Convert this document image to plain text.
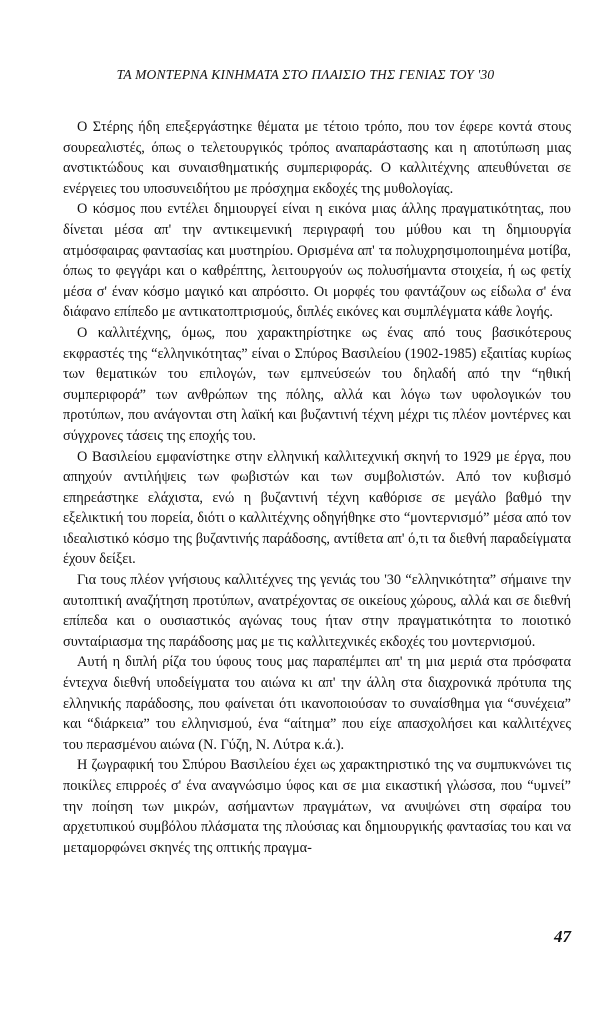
ΤΑ ΜΟΝΤΕΡΝΑ ΚΙΝΗΜΑΤΑ ΣΤΟ ΠΛΑΙΣΙΟ ΤΗΣ ΓΕΝΙΑΣ ΤΟΥ '30

Ο Στέρης ήδη επεξεργάστηκε θέματα με τέτοιο τρόπο, που τον έφερε κοντά στους σουρεαλιστές, όπως ο τελετουργικός τρόπος αναπαράστασης και η αποτύπωση μιας ανστικτώδους και συναισθηματικής συμπεριφοράς. Ο καλλιτέχνης απευθύνεται σε ενέργειες του υποσυνειδήτου με πρόσχημα εκδοχές της μυθολογίας.

Ο κόσμος που εντέλει δημιουργεί είναι η εικόνα μιας άλλης πραγματικότητας, που δίνεται μέσα απ' την αντικειμενική περιγραφή του μύθου και τη δημιουργία ατμόσφαιρας φαντασίας και μυστηρίου. Ορισμένα απ' τα πολυχρησιμοποιημένα μοτίβα, όπως το φεγγάρι και ο καθρέπτης, λειτουργούν ως πολυσήμαντα στοιχεία, ή ως φετίχ μέσα σ' έναν κόσμο μαγικό και απρόσιτο. Οι μορφές του φαντάζουν ως είδωλα σ' ένα διάφανο επίπεδο με αντικατοπτρισμούς, διπλές εικόνες και συμπλέγματα κάθε λογής.

Ο καλλιτέχνης, όμως, που χαρακτηρίστηκε ως ένας από τους βασικότερους εκφραστές της “ελληνικότητας” είναι ο Σπύρος Βασιλείου (1902-1985) εξαιτίας κυρίως των θεματικών του επιλογών, των εμπνεύσεών του δηλαδή από την “ηθική συμπεριφορά” των ανθρώπων της πόλης, αλλά και λόγω των υφολογικών του προτύπων, που ανάγονται στη λαϊκή και βυζαντινή τέχνη μέχρι τις πλέον μοντέρνες και σύγχρονες τάσεις της εποχής του.

Ο Βασιλείου εμφανίστηκε στην ελληνική καλλιτεχνική σκηνή το 1929 με έργα, που απηχούν αντιλήψεις των φωβιστών και των συμβολιστών. Από τον κυβισμό επηρεάστηκε ελάχιστα, ενώ η βυζαντινή τέχνη καθόρισε σε μεγάλο βαθμό την εξελικτική του πορεία, διότι ο καλλιτέχνης οδηγήθηκε στο “μοντερνισμό” μέσα από τον ιδεαλιστικό κόσμο της βυζαντινής παράδοσης, αντίθετα απ' ό,τι τα διεθνή παραδείγματα έχουν δείξει.

Για τους πλέον γνήσιους καλλιτέχνες της γενιάς του '30 “ελληνικότητα” σήμαινε την αυτοπτική αναζήτηση προτύπων, ανατρέχοντας σε οικείους χώρους, αλλά και σε διεθνή επίπεδα και ο ουσιαστικός αγώνας τους ήταν στην πραγματικότητα το ποιοτικό συνταίριασμα της παράδοσης μας με τις καλλιτεχνικές εκδοχές του μοντερνισμού.

Αυτή η διπλή ρίζα του ύφους τους μας παραπέμπει απ' τη μια μεριά στα πρόσφατα έντεχνα διεθνή υποδείγματα του αιώνα κι απ' την άλλη στα διαχρονικά πρότυπα της ελληνικής παράδοσης, που φαίνεται ότι ικανοποιούσαν το συναίσθημα για “συνέχεια” και “διάρκεια” του ελληνισμού, ένα “αίτημα” που είχε απασχολήσει και καλλιτέχνες του περασμένου αιώνα (Ν. Γύζη, Ν. Λύτρα κ.ά.).

Η ζωγραφική του Σπύρου Βασιλείου έχει ως χαρακτηριστικό της να συμπυκνώνει τις ποικίλες επιρροές σ' ένα αναγνώσιμο ύφος και σε μια εικαστική γλώσσα, που “υμνεί” την ποίηση των μικρών, ασήμαντων πραγμάτων, να ανυψώνει στη σφαίρα του αρχετυπικού συμβόλου πλάσματα της πλούσιας και δημιουργικής φαντασίας του και να μεταμορφώνει σκηνές της οπτικής πραγμα-

47
